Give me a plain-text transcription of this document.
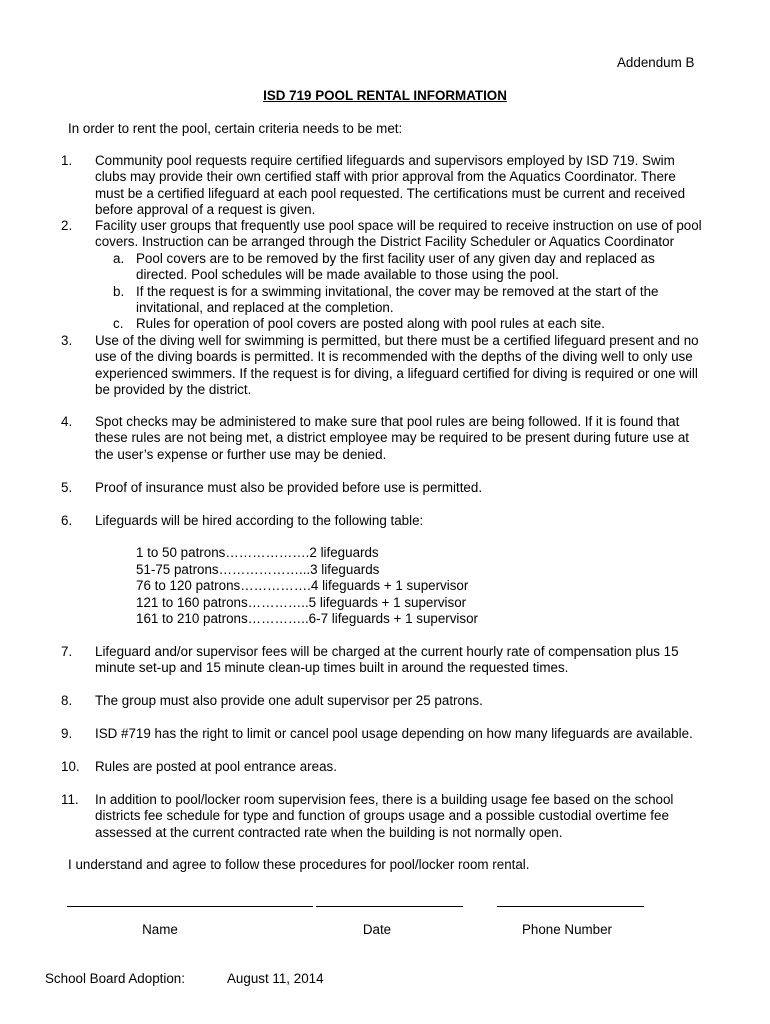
Addendum B
ISD 719 POOL RENTAL INFORMATION
In order to rent the pool, certain criteria needs to be met:
1. Community pool requests require certified lifeguards and supervisors employed by ISD 719. Swim
clubs may provide their own certified staff with prior approval from the Aquatics Coordinator. There
must be a certified lifeguard at each pool requested. The certifications must be current and received
before approval of a request is given.
2. Facility user groups that frequently use pool space will be required to receive instruction on use of pool
covers. Instruction can be arranged through the District Facility Scheduler or Aquatics Coordinator
a. Pool covers are to be removed by the first facility user of any given day and replaced as
directed. Pool schedules will be made available to those using the pool.
b. If the request is for a swimming invitational, the cover may be removed at the start of the
invitational, and replaced at the completion.
c. Rules for operation of pool covers are posted along with pool rules at each site.
3. Use of the diving well for swimming is permitted, but there must be a certified lifeguard present and no
use of the diving boards is permitted. It is recommended with the depths of the diving well to only use
experienced swimmers. If the request is for diving, a lifeguard certified for diving is required or one will
be provided by the district.
4. Spot checks may be administered to make sure that pool rules are being followed. If it is found that
these rules are not being met, a district employee may be required to be present during future use at
the user’s expense or further use may be denied.
5. Proof of insurance must also be provided before use is permitted.
6. Lifeguards will be hired according to the following table:
1 to 50 patrons……………….2 lifeguards
51-75 patrons………………...3 lifeguards
76 to 120 patrons…………….4 lifeguards + 1 supervisor
121 to 160 patrons…………..5 lifeguards + 1 supervisor
161 to 210 patrons…………..6-7 lifeguards + 1 supervisor
7. Lifeguard and/or supervisor fees will be charged at the current hourly rate of compensation plus 15
minute set-up and 15 minute clean-up times built in around the requested times.
8. The group must also provide one adult supervisor per 25 patrons.
9. ISD #719 has the right to limit or cancel pool usage depending on how many lifeguards are available.
10. Rules are posted at pool entrance areas.
11. In addition to pool/locker room supervision fees, there is a building usage fee based on the school
districts fee schedule for type and function of groups usage and a possible custodial overtime fee
assessed at the current contracted rate when the building is not normally open.
I understand and agree to follow these procedures for pool/locker room rental.
Name	Date	Phone Number
School Board Adoption:	August 11, 2014
